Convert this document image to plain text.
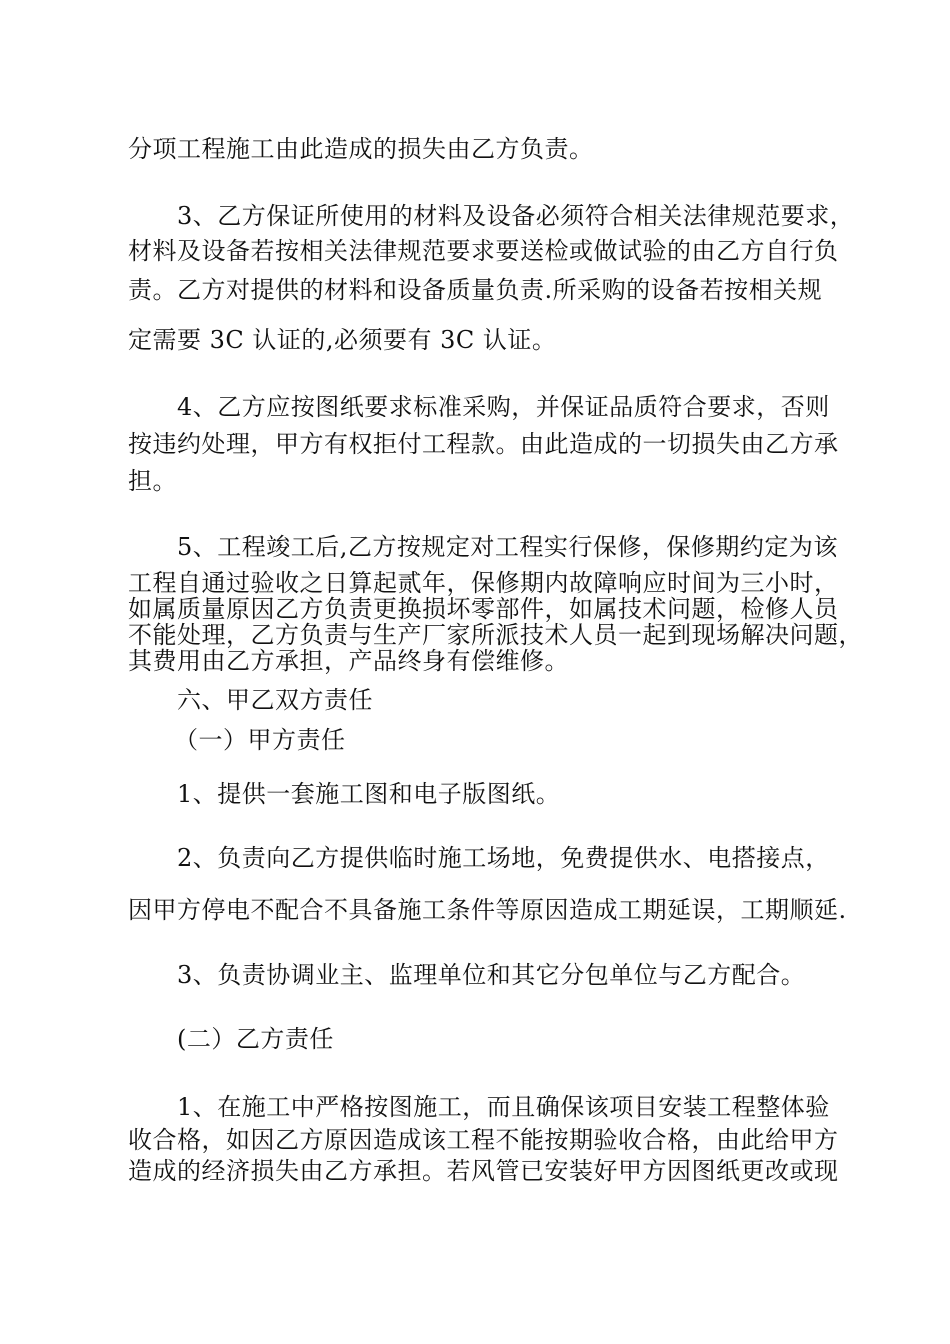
分项工程施工由此造成的损失由乙方负责。
3、乙方保证所使用的材料及设备必须符合相关法律规范要求，
材料及设备若按相关法律规范要求要送检或做试验的由乙方自行负
责。乙方对提供的材料和设备质量负责.所采购的设备若按相关规
定需要 3C 认证的,必须要有 3C 认证。
4、乙方应按图纸要求标准采购，并保证品质符合要求，否则
按违约处理，甲方有权拒付工程款。由此造成的一切损失由乙方承
担。
5、工程竣工后,乙方按规定对工程实行保修，保修期约定为该
工程自通过验收之日算起贰年，保修期内故障响应时间为三小时，
如属质量原因乙方负责更换损坏零部件，如属技术问题，检修人员
不能处理，乙方负责与生产厂家所派技术人员一起到现场解决问题，
其费用由乙方承担，产品终身有偿维修。
六、甲乙双方责任
（一）甲方责任
1、提供一套施工图和电子版图纸。
2、负责向乙方提供临时施工场地，免费提供水、电搭接点，
因甲方停电不配合不具备施工条件等原因造成工期延误，工期顺延.
3、负责协调业主、监理单位和其它分包单位与乙方配合。
(二）乙方责任
1、在施工中严格按图施工，而且确保该项目安装工程整体验
收合格，如因乙方原因造成该工程不能按期验收合格，由此给甲方
造成的经济损失由乙方承担。若风管已安装好甲方因图纸更改或现
